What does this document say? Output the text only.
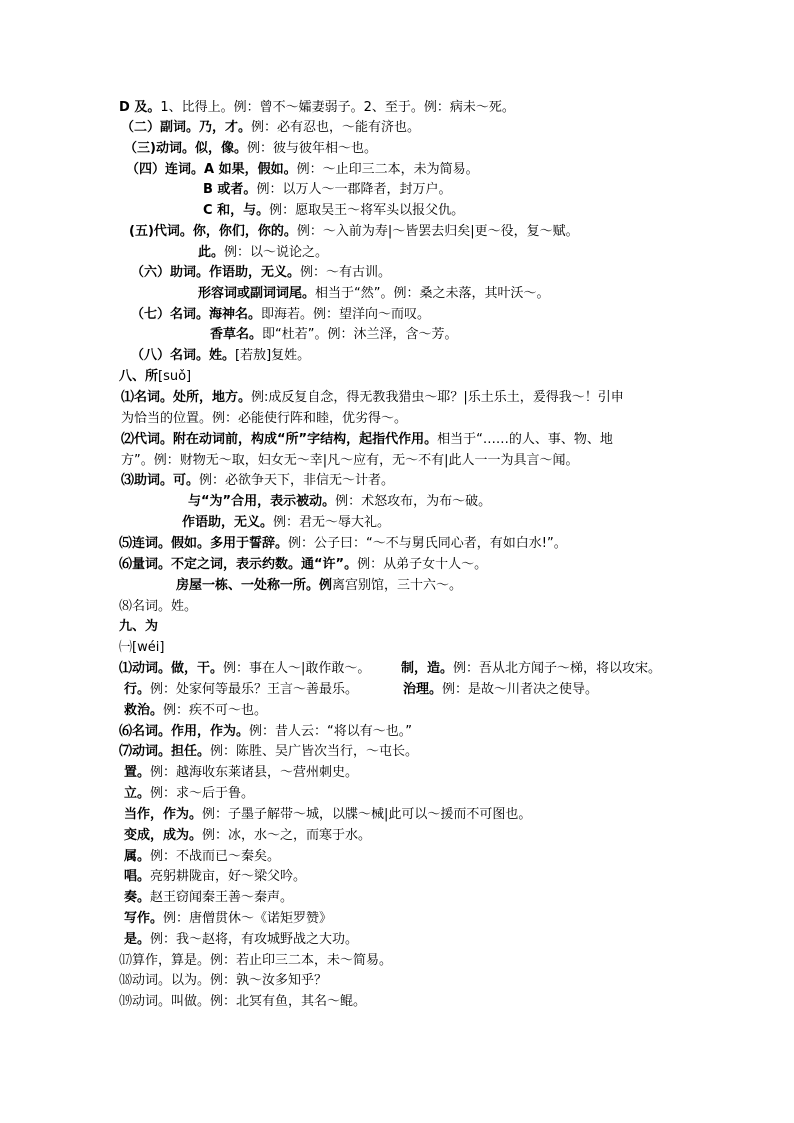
D 及。1、比得上。例：曾不～孀妻弱子。2、至于。例：病未～死。
（二）副词。乃，才。例：必有忍也，～能有济也。
（三)动词。似，像。例：彼与彼年相～也。
（四）连词。A 如果，假如。例：～止印三二本，未为简易。
B 或者。例：以万人～一郡降者，封万户。
C 和，与。例：愿取吴王～将军头以报父仇。
(五)代词。你，你们，你的。例：～入前为寿|～皆罢去归矣|更～役，复～赋。
此。例：以～说论之。
（六）助词。作语助，无义。例：～有古训。
形容词或副词词尾。相当于“然”。例：桑之未落，其叶沃～。
（七）名词。海神名。即海若。例：望洋向～而叹。
香草名。即“杜若”。例：沐兰泽，含～芳。
（八）名词。姓。[若敖]复姓。
八、所[suǒ]
⑴名词。处所，地方。例:成反复自念，得无教我猎虫～耶？|乐土乐土，爰得我～！引申
为恰当的位置。例：必能使行阵和睦，优劣得～。
⑵代词。附在动词前，构成“所”字结构，起指代作用。相当于“……的人、事、物、地
方”。例：财物无～取，妇女无～幸|凡～应有，无～不有|此人一一为具言～闻。
⑶助词。可。例：必欲争天下，非信无～计者。
与“为”合用，表示被动。例：术怒攻布，为布～破。
作语助，无义。例：君无～辱大礼。
⑸连词。假如。多用于誓辞。例：公子曰：“～不与舅氏同心者，有如白水!”。
⑹量词。不定之词，表示约数。通“许”。例：从弟子女十人～。
房屋一栋、一处称一所。例离宫别馆，三十六～。
⑻名词。姓。
九、为
㈠[wéi]
⑴动词。做，干。例：事在人～|敢作敢～。 制，造。例：吾从北方闻子～梯，将以攻宋。
行。例：处家何等最乐？王言～善最乐。	治理。例：是故～川者决之使导。
救治。例：疾不可～也。
⑹名词。作用，作为。例：昔人云：“将以有～也。”
⑺动词。担任。例：陈胜、吴广皆次当行，～屯长。
置。例：越海收东莱诸县，～营州刺史。
立。例：求～后于鲁。
当作，作为。例：子墨子解带～城，以牒～械|此可以～援而不可图也。
变成，成为。例：冰，水～之，而寒于水。
属。例：不战而已～秦矣。
唱。亮躬耕陇亩，好～梁父吟。
奏。赵王窃闻秦王善～秦声。
写作。例：唐僧贯休～《诺矩罗赞》
是。例：我～赵将，有攻城野战之大功。
⒄算作，算是。例：若止印三二本，未～简易。
⒅动词。以为。例：孰～汝多知乎？
⒆动词。叫做。例：北冥有鱼，其名～鲲。
